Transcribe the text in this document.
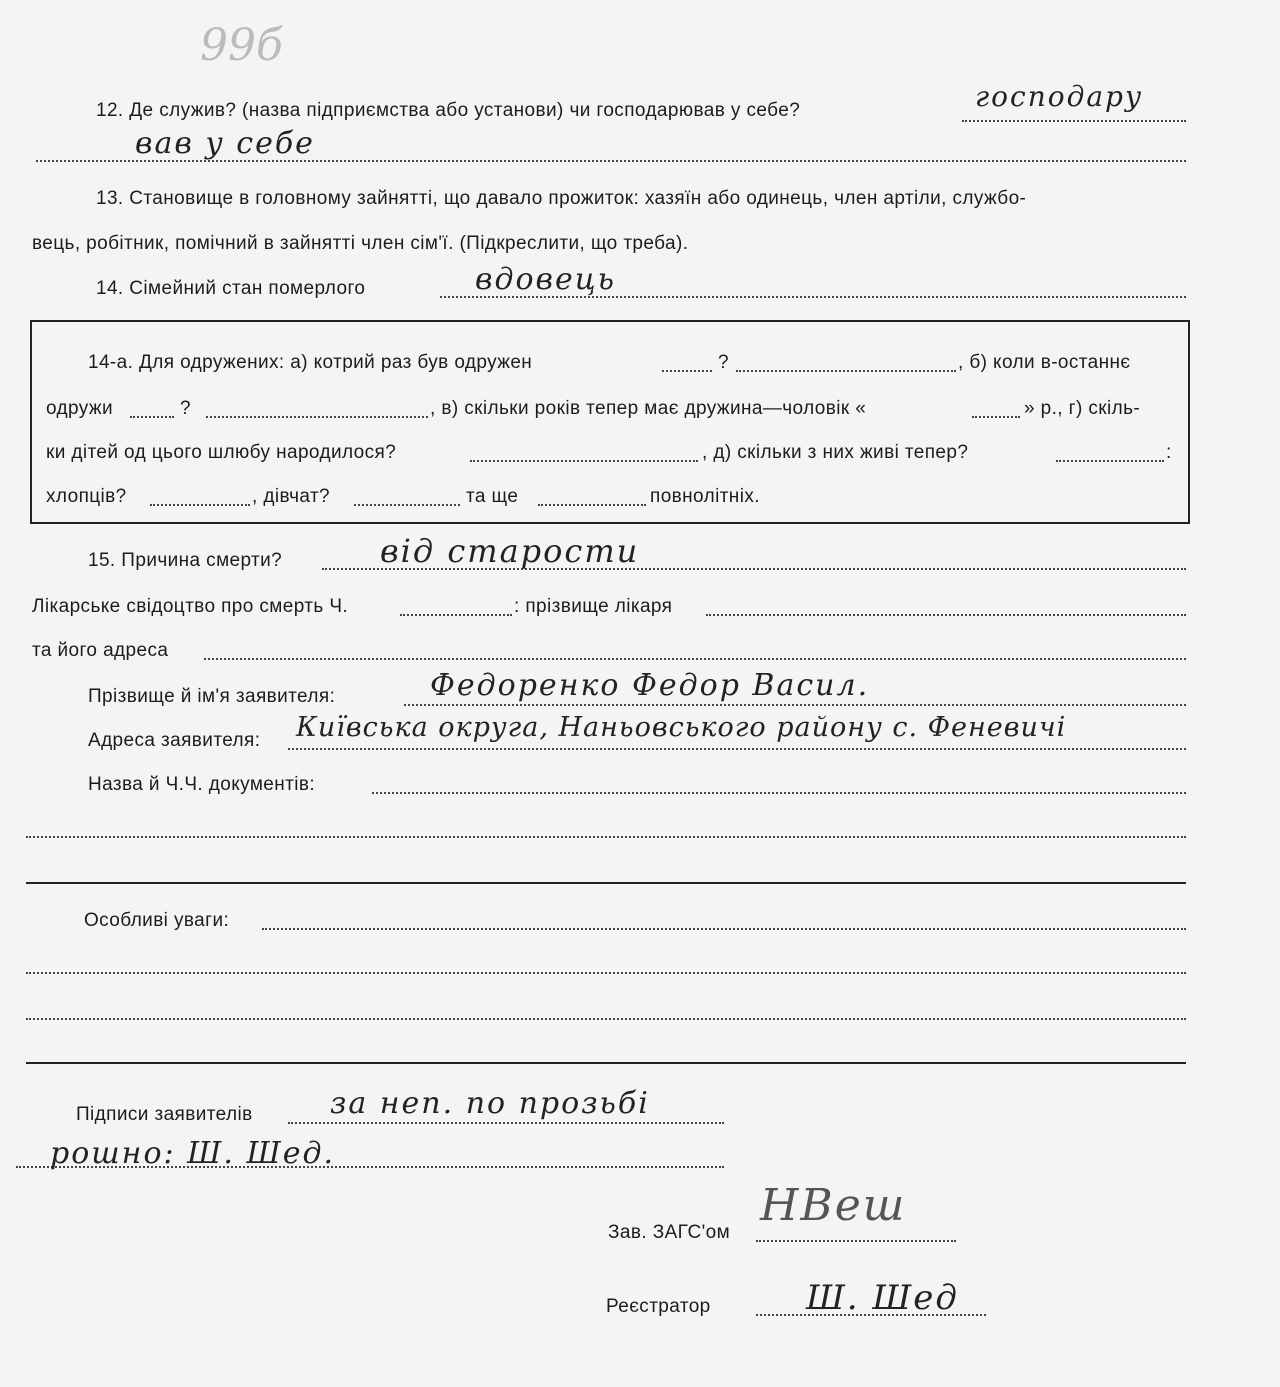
99б
12. Де служив? (назва підприємства або установи) чи господарював у себе?	господару
вав у себе
13. Становище в головному зайнятті, що давало прожиток: хазяїн або одинець, член артіли, службо-
вець, робітник, помічний в зайнятті член сім'ї. (Підкреслити, що треба).
14. Сімейний стан померлого	вдовець
14-а. Для одружених: а) котрий раз був одружен	?	, б) коли в-останнє
одружи	?	, в) скільки років тепер має дружина—чоловік «	» р., г) скіль-
ки дітей од цього шлюбу народилося?	, д) скільки з них живі тепер?	:
хлопців?	, дівчат?	та ще	повнолітніх.
15. Причина смерти?	від старости
Лікарське свідоцтво про смерть Ч.	: прізвище лікаря
та його адреса
Прізвище й ім'я заявителя:	Федоренко Федор Васил.
Адреса заявителя: Київська округа, Наньовського району с. Феневичі
Назва й Ч.Ч. документів:
Особливі уваги:
Підписи заявителів	за неп. по прозьбі
рошно: Ш. Шед.
Зав. ЗАГС'ом
НВеш
Реєстратор	Ш. Шед
